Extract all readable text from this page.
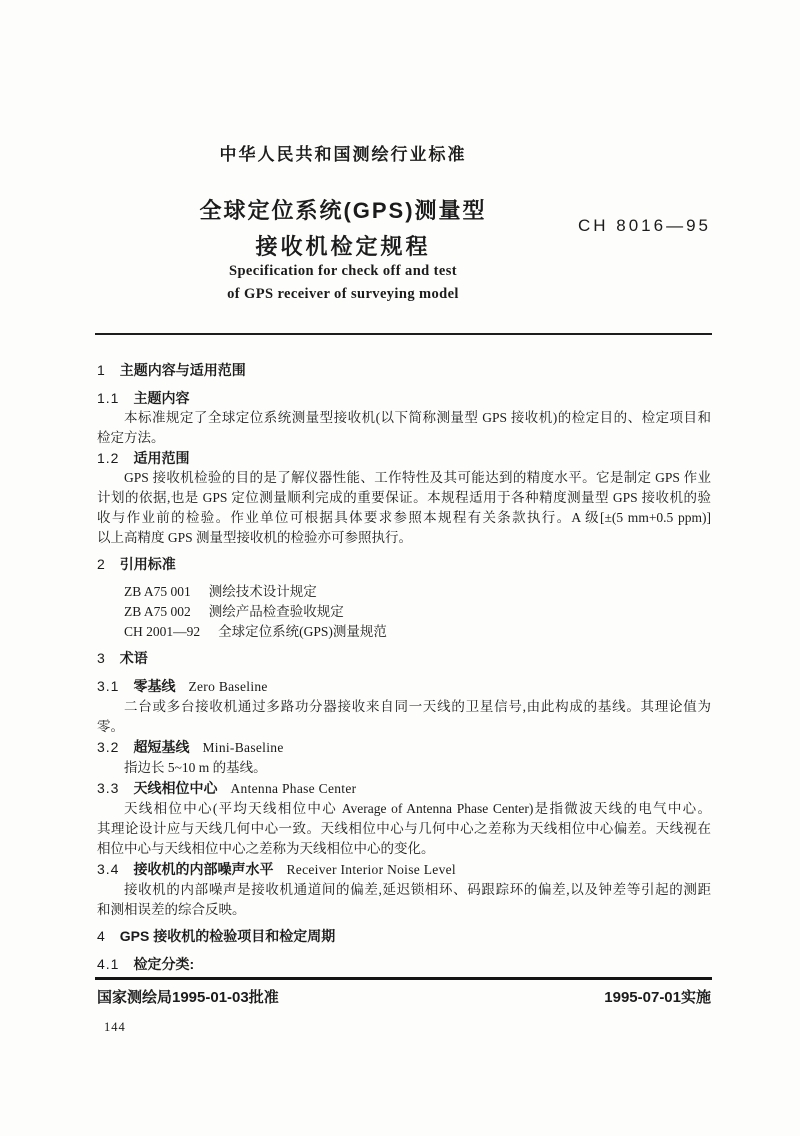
中华人民共和国测绘行业标准
全球定位系统(GPS)测量型
接收机检定规程
CH 8016—95
Specification for check off and test
of GPS receiver of surveying model
1 主题内容与适用范围
1.1 主题内容
本标准规定了全球定位系统测量型接收机(以下简称测量型 GPS 接收机)的检定目的、检定项目和
检定方法。
1.2 适用范围
GPS 接收机检验的目的是了解仪器性能、工作特性及其可能达到的精度水平。它是制定 GPS 作业
计划的依据,也是 GPS 定位测量顺利完成的重要保证。本规程适用于各种精度测量型 GPS 接收机的验
收与作业前的检验。作业单位可根据具体要求参照本规程有关条款执行。A 级[±(5 mm+0.5 ppm)]
以上高精度 GPS 测量型接收机的检验亦可参照执行。
2 引用标准
ZB A75 001 测绘技术设计规定
ZB A75 002 测绘产品检查验收规定
CH 2001—92 全球定位系统(GPS)测量规范
3 术语
3.1 零基线 Zero Baseline
二台或多台接收机通过多路功分器接收来自同一天线的卫星信号,由此构成的基线。其理论值为
零。
3.2 超短基线 Mini-Baseline
指边长 5~10 m 的基线。
3.3 天线相位中心 Antenna Phase Center
天线相位中心(平均天线相位中心 Average of Antenna Phase Center)是指微波天线的电气中心。
其理论设计应与天线几何中心一致。天线相位中心与几何中心之差称为天线相位中心偏差。天线视在
相位中心与天线相位中心之差称为天线相位中心的变化。
3.4 接收机的内部噪声水平 Receiver Interior Noise Level
接收机的内部噪声是接收机通道间的偏差,延迟锁相环、码跟踪环的偏差,以及钟差等引起的测距
和测相误差的综合反映。
4 GPS 接收机的检验项目和检定周期
4.1 检定分类:
国家测绘局1995-01-03批准	1995-07-01实施
144
